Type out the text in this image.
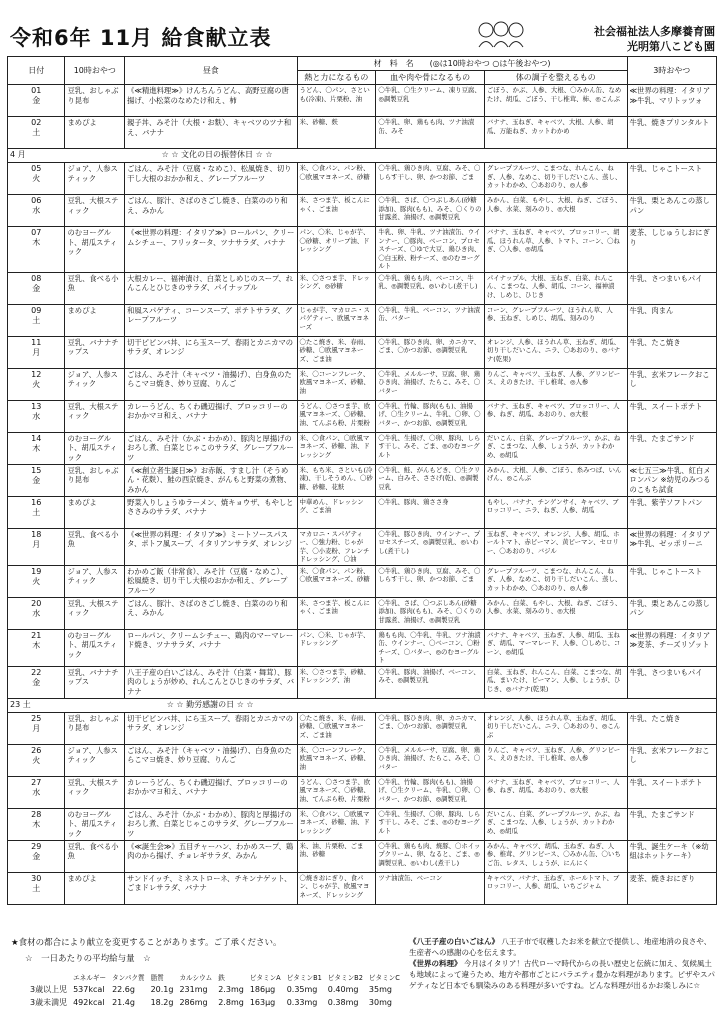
令和6年 11月 給食献立表	社会福祉法人多摩養育園
光明第八こども園
日付	10時おやつ	昼食	材　料　名　　 (◎は10時おやつ ○は午後おやつ)			3時おやつ
			熱と力になるもの	血や肉や骨になるもの	体の調子を整えるもの	

01
金	豆乳、おしゃぶり昆布	《≪精進料理≫》けんちんうどん、高野豆腐の唐揚げ、小松菜のなめたけ和え、柿	うどん、〇パン、さといも(冷凍)、片栗粉、油	〇牛乳、〇生クリーム、凍り豆腐、◎調製豆乳	ごぼう、かぶ、人参、大根、〇みかん缶、なめたけ、胡瓜、ごぼう、干し椎茸、柿、◎こんぶ	≪世界の料理：イタリア≫牛乳、マリトッツォ

02
土	まめぴよ	親子丼、みそ汁（大根・お麩）、キャベツのツナ和え、バナナ	米、砂糖、麩	〇牛乳、卵、鶏もも肉、ツナ油漬缶、みそ	バナナ、玉ねぎ、キャベツ、大根、人参、胡瓜、万能ねぎ、カットわかめ	牛乳、焼きプリンタルト
4 月　　　　　　　　　　　　　　　　　☆ ☆ 文化の日の振替休日 ☆ ☆						

05
火	ジョア、人参スティック	ごはん、みそ汁（豆腐・なめこ）、松風焼き、切り干し大根のおかか和え、グレープフルーツ	米、〇食パン、パン粉、〇欧風マヨネーズ、砂糖	〇牛乳、鶏ひき肉、豆腐、みそ、〇しらす干し、卵、かつお節、ごま	グレープフルーツ、こまつな、れんこん、ねぎ、人参、なめこ、切り干しだいこん、蒸し、カットわかめ、〇あおのり、◎人参	牛乳、じゃこトースト

06
水	豆乳、大根スティック	ごはん、豚汁、さばのさごし焼き、白菜ののり和え、みかん	米、さつま芋、板こんにゃく、ごま油	〇牛乳、さば、〇つぶしあん(砂糖添加)、豚肉(もも)、みそ、〇くりの甘露煮、油揚げ、◎調製豆乳	みかん、白菜、もやし、大根、ねぎ、ごぼう、人参、水菜、刻みのり、◎大根	牛乳、栗とあんこの蒸しパン

07
木	のむヨーグルト、胡瓜スティック	《≪世界の料理：イタリア≫》ロールパン、クリームシチュー、フリッタータ、ツナサラダ、バナナ	パン、〇米、じゃが芋、〇砂糖、オリーブ油、ドレッシング	牛乳、卵、牛乳、ツナ油漬缶、ウインナー、〇豚肉、ベーコン、プロセスチーズ、〇ゆで大豆、鶏ひき肉、〇白玉粉、粉チーズ、◎のむヨーグルト	バナナ、玉ねぎ、キャベツ、ブロッコリー、胡瓜、ほうれん草、人参、トマト、コーン、〇ねぎ、〇人参、◎胡瓜	麦茶、しじゅうしおにぎり

08
金	豆乳、食べる小魚	大根カレー、福神漬け、白菜としめじのスープ、れんこんとひじきのサラダ、パイナップル	米、〇さつま芋、ドレッシング、◎砂糖	〇牛乳、鶏もも肉、ベーコン、牛乳、◎調製豆乳、◎いわし(煮干し)	パイナップル、大根、玉ねぎ、白菜、れんこん、こまつな、人参、胡瓜、コーン、福神漬け、しめじ、ひじき	牛乳、さつまいもパイ

09
土	まめぴよ	和風スパゲティ、コーンスープ、ポテトサラダ、グレープフルーツ	じゃが芋、マカロニ・スパゲティー、欧風マヨネーズ	〇牛乳、牛乳、ベーコン、ツナ油漬缶、バター	コーン、グレープフルーツ、ほうれん草、人参、玉ねぎ、しめじ、胡瓜、刻みのり	牛乳、肉まん

11
月	豆乳、バナナチップス	切干ピビンバ丼、にら玉スープ、春雨とカニカマのサラダ、オレンジ	〇たこ焼き、米、春雨、砂糖、〇欧風マヨネーズ、ごま油	〇牛乳、豚ひき肉、卵、カニカマ、ごま、〇かつお節、◎調製豆乳	オレンジ、人参、ほうれん草、玉ねぎ、胡瓜、切り干しだいこん、ニラ、〇あおのり、◎バナナ(乾果)	牛乳、たこ焼き

12
火	ジョア、人参スティック	ごはん、みそ汁（キャベツ・油揚げ）、白身魚のたらこマヨ焼き、炒り豆腐、りんご	米、〇コーンフレーク、欧風マヨネーズ、砂糖、油	〇牛乳、メルルーサ、豆腐、卵、鶏ひき肉、油揚げ、たらこ、みそ、〇バター	りんご、キャベツ、玉ねぎ、人参、グリンピース、えのきたけ、干し椎茸、◎人参	牛乳、玄米フレークおこし

13
水	豆乳、大根スティック	カレーうどん、ちくわ磯辺揚げ、ブロッコリーのおかかマヨ和え、バナナ	うどん、〇さつま芋、欧風マヨネーズ、〇砂糖、油、てんぷら粉、片栗粉	〇牛乳、竹輪、豚肉(もも)、油揚げ、〇生クリーム、牛乳、〇卵、〇バター、かつお節、◎調製豆乳	バナナ、玉ねぎ、キャベツ、ブロッコリー、人参、ねぎ、胡瓜、あおのり、◎大根	牛乳、スイートポテト

14
木	のむヨーグルト、胡瓜スティック	ごはん、みそ汁（かぶ・わかめ）、豚肉と厚揚げのおろし煮、白菜とじゃこのサラダ、グレープフルーツ	米、〇食パン、〇欧風マヨネーズ、砂糖、油、ドレッシング	〇牛乳、生揚げ、〇卵、豚肉、しらす干し、みそ、ごま、◎のむヨーグルト	だいこん、白菜、グレープフルーツ、かぶ、ねぎ、こまつな、人参、しょうが、カットわかめ、◎胡瓜	牛乳、たまごサンド

15
金	豆乳、おしゃぶり昆布	《≪創立者生誕日≫》お赤飯、すまし汁（そうめん・花麩）、鮭の西京焼き、がんもと野菜の煮物、みかん	米、もち米、さといも(冷凍)、干しそうめん、〇砂糖、砂糖、花麩	〇牛乳、鮭、がんもどき、〇生クリーム、白みそ、ささげ(乾)、◎調製豆乳	みかん、大根、人参、ごぼう、糸みつば、いんげん、◎こんぶ	≪七五三≫牛乳、紅白メロンパン ※幼児のみつるのこもち試食

16
土	まめぴよ	野菜入りしょうゆラーメン、焼キョウザ、もやしとささみのサラダ、バナナ	中華めん、ドレッシング、ごま油	〇牛乳、豚肉、鶏ささ身	もやし、バナナ、チンゲンサイ、キャベツ、ブロッコリー、ニラ、ねぎ、人参、胡瓜	牛乳、紫芋ソフトパン

18
月	豆乳、食べる小魚	《≪世界の料理：イタリア≫》ミートソースパスタ、ポトフ風スープ、イタリアンサラダ、オレンジ	マカロニ・スパゲティー、〇強力粉、じゃが芋、〇小麦粉、フレンチドレッシング、〇油	〇牛乳、豚ひき肉、ウインナー、プロセスチーズ、◎調製豆乳、◎いわし(煮干し)	玉ねぎ、キャベツ、オレンジ、人参、胡瓜、ホールトマト、赤ピーマン、黄ピーマン、セロリー、〇あおのり、バジル	≪世界の料理：イタリア≫牛乳、ゼッポリーニ

19
火	ジョア、人参スティック	わかめご飯（非常食）、みそ汁（豆腐・なめこ）、松風焼き、切り干し大根のおかか和え、グレープフルーツ	米、〇食パン、パン粉、〇欧風マヨネーズ、砂糖	〇牛乳、鶏ひき肉、豆腐、みそ、〇しらす干し、卵、かつお節、ごま	グレープフルーツ、こまつな、れんこん、ねぎ、人参、なめこ、切り干しだいこん、蒸し、カットわかめ、〇あおのり、◎人参	牛乳、じゃこトースト

20
水	豆乳、大根スティック	ごはん、豚汁、さばのさごし焼き、白菜ののり和え、みかん	米、さつま芋、板こんにゃく、ごま油	〇牛乳、さば、〇つぶしあん(砂糖添加)、豚肉(もも)、みそ、〇くりの甘露煮、油揚げ、◎調製豆乳	みかん、白菜、もやし、大根、ねぎ、ごぼう、人参、水菜、刻みのり、◎大根	牛乳、栗とあんこの蒸しパン

21
木	のむヨーグルト、胡瓜スティック	ロールパン、クリームシチュー、鶏肉のマーマレード焼き、ツナサラダ、バナナ	パン、〇米、じゃが芋、ドレッシング	鶏もも肉、〇牛乳、牛乳、ツナ油漬缶、ウインナー、〇ベーコン、〇粉チーズ、〇バター、◎のむヨーグルト	バナナ、キャベツ、玉ねぎ、人参、胡瓜、玉ねぎ、胡瓜、マーマレード、人参、〇しめじ、コーン、◎胡瓜	≪世界の料理：イタリア≫麦茶、チーズリゾット

22
金	豆乳、バナナチップス	八王子産の白いごはん、みそ汁（白菜・舞茸）、豚肉のしょうが炒め、れんこんとひじきのサラダ、バナナ	米、〇さつま芋、砂糖、ドレッシング、油	〇牛乳、豚肉、油揚げ、ベーコン、みそ、◎調製豆乳	白菜、玉ねぎ、れんこん、白菜、こまつな、胡瓜、まいたけ、ピーマン、人参、しょうが、ひじき、◎バナナ(乾果)	牛乳、さつまいもパイ
23 土　　　　　　　　　　　　　　　　　☆ ☆ 勤労感謝の日 ☆ ☆						

25
月	豆乳、おしゃぶり昆布	切干ピビンバ丼、にら玉スープ、春雨とカニカマのサラダ、オレンジ	〇たこ焼き、米、春雨、砂糖、〇欧風マヨネーズ、ごま油	〇牛乳、豚ひき肉、卵、カニカマ、ごま、〇かつお節、◎調製豆乳	オレンジ、人参、ほうれん草、玉ねぎ、胡瓜、切り干しだいこん、ニラ、〇あおのり、◎こんぶ	牛乳、たこ焼き

26
火	ジョア、人参スティック	ごはん、みそ汁（キャベツ・油揚げ）、白身魚のたらこマヨ焼き、炒り豆腐、りんご	米、〇コーンフレーク、欧風マヨネーズ、砂糖、油	〇牛乳、メルルーサ、豆腐、卵、鶏ひき肉、油揚げ、たらこ、みそ、〇バター	りんご、キャベツ、玉ねぎ、人参、グリンピース、えのきたけ、干し椎茸、◎人参	牛乳、玄米フレークおこし

27
水	豆乳、大根スティック	カレーうどん、ちくわ磯辺揚げ、ブロッコリーのおかかマヨ和え、バナナ	うどん、〇さつま芋、欧風マヨネーズ、〇砂糖、油、てんぷら粉、片栗粉	〇牛乳、竹輪、豚肉(もも)、油揚げ、〇生クリーム、牛乳、〇卵、〇バター、かつお節、◎調製豆乳	バナナ、玉ねぎ、キャベツ、ブロッコリー、人参、ねぎ、胡瓜、あおのり、◎大根	牛乳、スイートポテト

28
木	のむヨーグルト、胡瓜スティック	ごはん、みそ汁（かぶ・わかめ）、豚肉と厚揚げのおろし煮、白菜とじゃこのサラダ、グレープフルーツ	米、〇食パン、〇欧風マヨネーズ、砂糖、油、ドレッシング	〇牛乳、生揚げ、〇卵、豚肉、しらす干し、みそ、ごま、◎のむヨーグルト	だいこん、白菜、グレープフルーツ、かぶ、ねぎ、こまつな、人参、しょうが、カットわかめ、◎胡瓜	牛乳、たまごサンド

29
金	豆乳、食べる小魚	《≪誕生会≫》五目チャーハン、わかめスープ、鶏肉のから揚げ、チョレギサラダ、みかん	米、油、片栗粉、ごま油、砂糖	〇牛乳、鶏もも肉、焼豚、〇ホイップクリーム、卵、なると、ごま、◎調製豆乳、◎いわし(煮干し)	みかん、キャベツ、胡瓜、玉ねぎ、ねぎ、人参、椎茸、グリンピース、〇みかん缶、〇いちご缶、レタス、しょうが、にんにく	牛乳、誕生ケーキ（※幼組はホットケーキ）

30
土	まめぴよ	サンドイッチ、ミネストローネ、チキンナゲット、ごまドレサラダ、バナナ	〇焼きおにぎり、食パン、じゃが芋、欧風マヨネーズ、ドレッシング	ツナ油漬缶、ベーコン	キャベツ、バナナ、玉ねぎ、ホールトマト、ブロッコリー、人参、胡瓜、いちごジャム	麦茶、焼きおにぎり
★食材の都合により献立を変更することがあります。ご了承ください。
☆　一日あたりの平均給与量　☆
	エネルギー	タンパク質	脂質	カルシウム	鉄	ビタミンA	ビタミンB1	ビタミンB2	ビタミンC
3歳以上児	537kcal	22.6g	20.1g	231mg	2.3mg	186μg	0.35mg	0.40mg	35mg
3歳未満児	492kcal	21.4g	18.2g	286mg	2.8mg	163μg	0.33mg	0.38mg	30mg
《八王子産の白いごはん》 八王子市で収穫したお米を献立で提供し、地産地消の良さや、生産者への感謝の心を伝えます。
《世界の料理》 今月はイタリア！古代ローマ時代からの長い歴史と伝統に加え、気候風土も地域によって違うため、地方や都市ごとにバラエティ豊かな料理があります。ピザやスパゲティなど日本でも馴染みのある料理が多いですね。どんな料理が出るかお楽しみに☆
